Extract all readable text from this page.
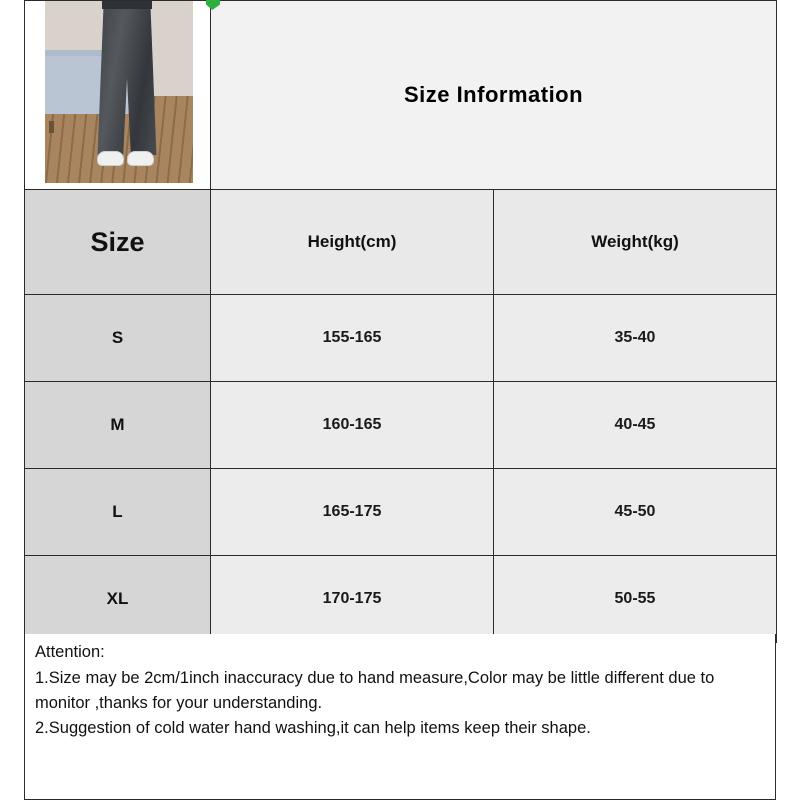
	Size Information	
Size	Height(cm)	Weight(kg)
S	155-165	35-40
M	160-165	40-45
L	165-175	45-50
XL	170-175	50-55

Attention:

1.Size may be 2cm/1inch inaccuracy due to hand measure,Color may be little different due to monitor ,thanks for your understanding.

2.Suggestion of cold water hand washing,it can help items keep their shape.
